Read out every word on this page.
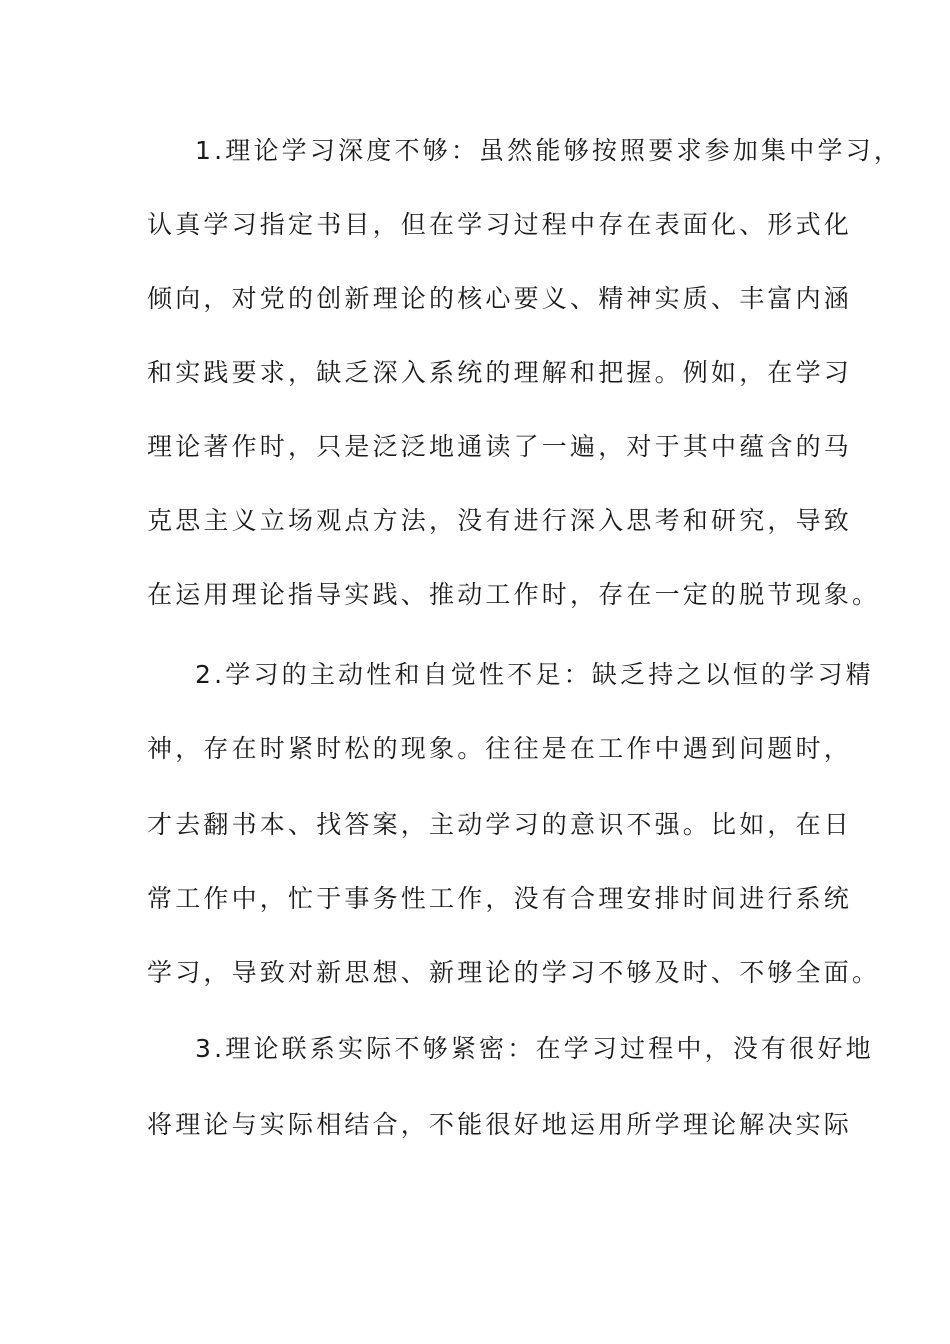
1.理论学习深度不够：虽然能够按照要求参加集中学习，
认真学习指定书目，但在学习过程中存在表面化、形式化
倾向，对党的创新理论的核心要义、精神实质、丰富内涵
和实践要求，缺乏深入系统的理解和把握。例如，在学习
理论著作时，只是泛泛地通读了一遍，对于其中蕴含的马
克思主义立场观点方法，没有进行深入思考和研究，导致
在运用理论指导实践、推动工作时，存在一定的脱节现象。
2.学习的主动性和自觉性不足：缺乏持之以恒的学习精
神，存在时紧时松的现象。往往是在工作中遇到问题时，
才去翻书本、找答案，主动学习的意识不强。比如，在日
常工作中，忙于事务性工作，没有合理安排时间进行系统
学习，导致对新思想、新理论的学习不够及时、不够全面。
3.理论联系实际不够紧密：在学习过程中，没有很好地
将理论与实际相结合，不能很好地运用所学理论解决实际
